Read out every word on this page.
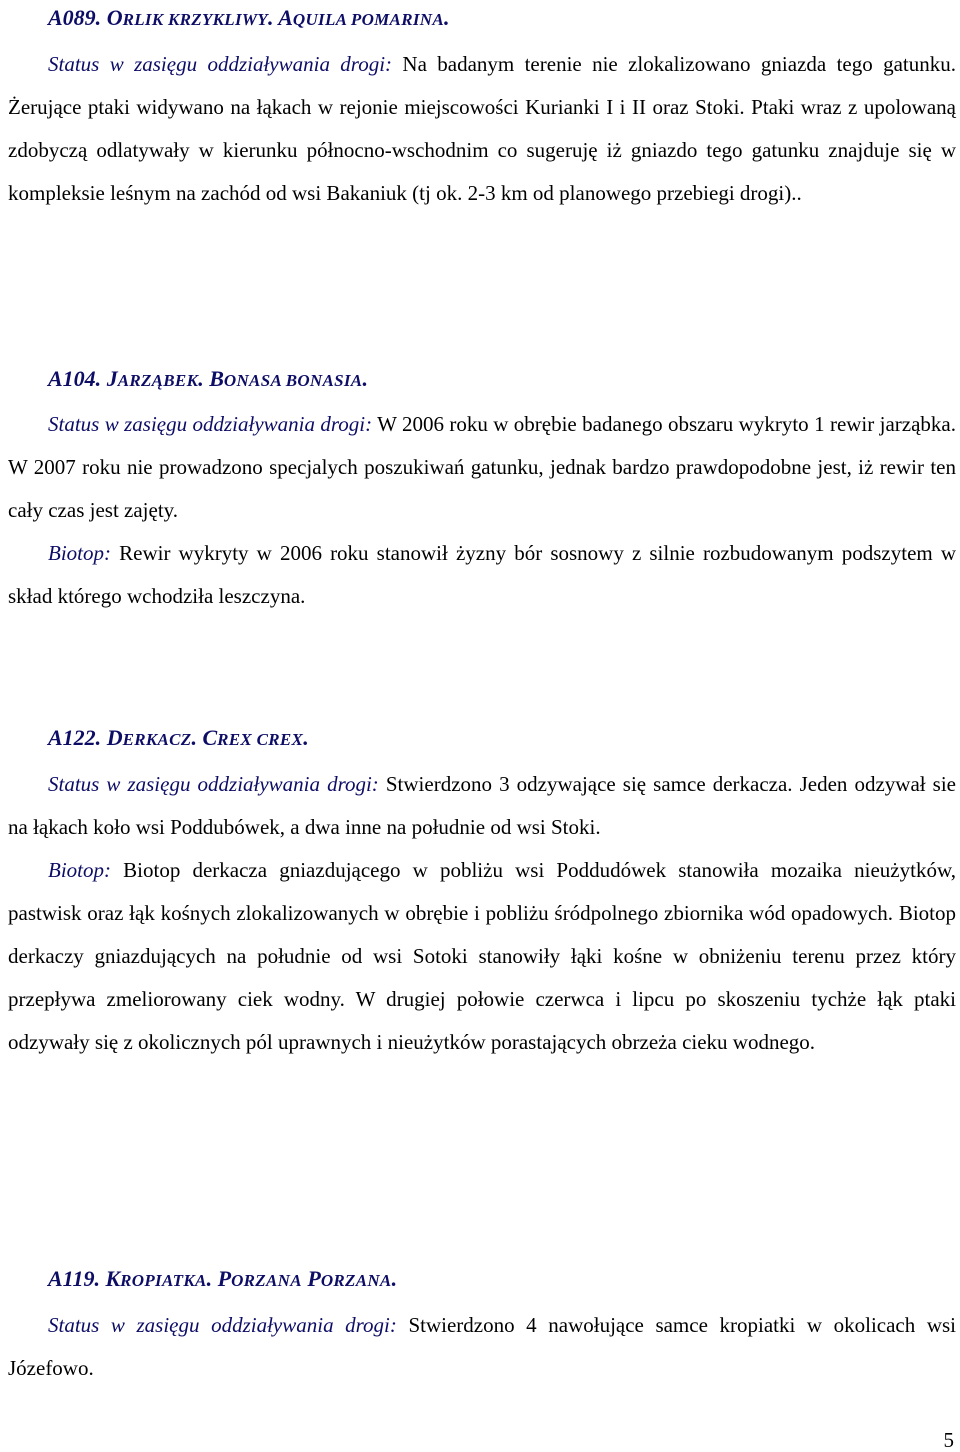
A089. ORLIK KRZYKLIWY. AQUILA POMARINA.

Status w zasięgu oddziaływania drogi: Na badanym terenie nie zlokalizowano gniazda tego gatunku. Żerujące ptaki widywano na łąkach w rejonie miejscowości Kurianki I i II oraz Stoki. Ptaki wraz z upolowaną zdobyczą odlatywały w kierunku północno-wschodnim co sugeruję iż gniazdo tego gatunku znajduje się w kompleksie leśnym na zachód od wsi Bakaniuk (tj ok. 2-3 km od planowego przebiegi drogi)..

A104. JARZĄBEK. BONASA BONASIA.

Status w zasięgu oddziaływania drogi: W 2006 roku w obrębie badanego obszaru wykryto 1 rewir jarząbka. W 2007 roku nie prowadzono specjalych poszukiwań gatunku, jednak bardzo prawdopodobne jest, iż rewir ten cały czas jest zajęty.

Biotop: Rewir wykryty w 2006 roku stanowił żyzny bór sosnowy z silnie rozbudowanym podszytem w skład którego wchodziła leszczyna.

A122. DERKACZ. CREX CREX.

Status w zasięgu oddziaływania drogi: Stwierdzono 3 odzywające się samce derkacza. Jeden odzywał sie na łąkach koło wsi Poddubówek, a dwa inne na południe od wsi Stoki.

Biotop: Biotop derkacza gniazdującego w pobliżu wsi Poddudówek stanowiła mozaika nieużytków, pastwisk oraz łąk kośnych zlokalizowanych w obrębie i pobliżu śródpolnego zbiornika wód opadowych. Biotop derkaczy gniazdujących na południe od wsi Sotoki stanowiły łąki kośne w obniżeniu terenu przez który przepływa zmeliorowany ciek wodny. W drugiej połowie czerwca i lipcu po skoszeniu tychże łąk ptaki odzywały się z okolicznych pól uprawnych i nieużytków porastających obrzeża cieku wodnego.

A119. KROPIATKA. PORZANA PORZANA.

Status w zasięgu oddziaływania drogi: Stwierdzono 4 nawołujące samce kropiatki w okolicach wsi Józefowo.

5
